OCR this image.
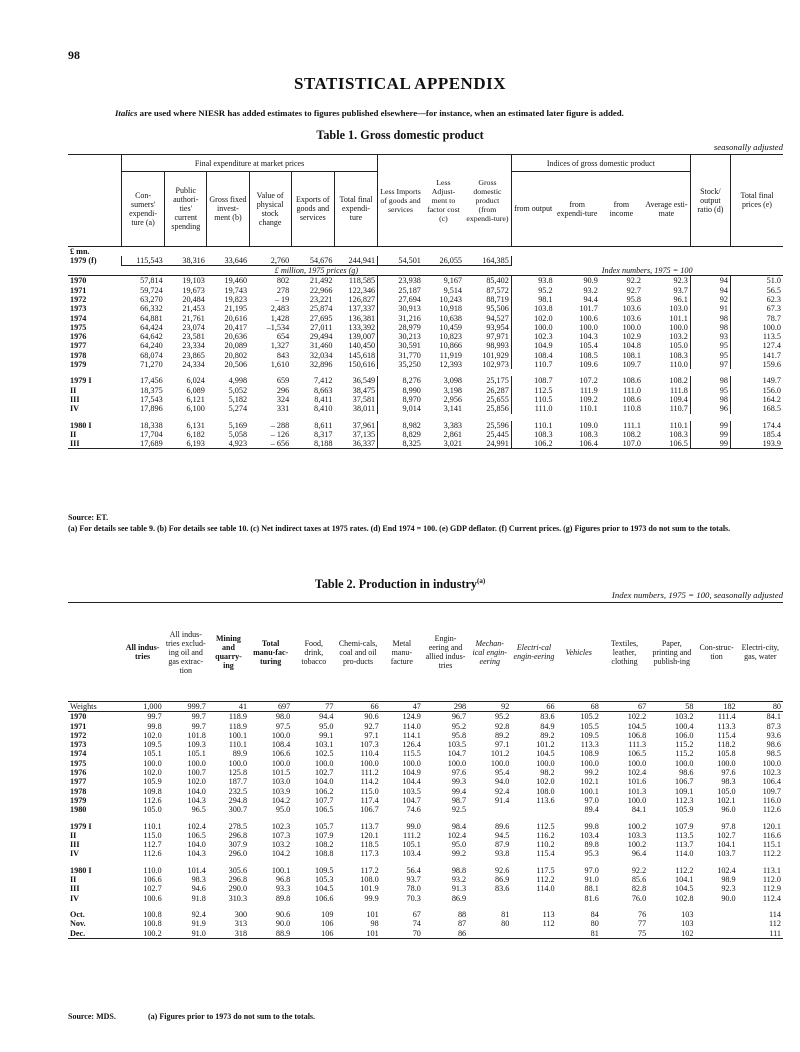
98
STATISTICAL APPENDIX
Italics are used where NIESR has added estimates to figures published elsewhere—for instance, when an estimated later figure is added.
Table 1. Gross domestic product
seasonally adjusted
	Final expenditure at market prices						Less Imports of goods and services	Less Adjust-ment to factor cost (c)	Gross domestic product (from expendi-ture)	Indices of gross domestic product				Stock/ output ratio (d)	Total final prices (e)
	Con-sumers' expendi-ture (a)	Public authori-ties' current spending	Gross fixed invest-ment (b)	Value of physical stock change	Exports of goods and services	Total final expendi-ture				from output	from expendi-ture	from income	Average esti-mate		
£ mn.															
1979 (f)	115,543	38,316	33,646	2,760	54,676	244,941	54,501	26,055	164,385						
	£ million, 1975 prices (g)									Index numbers, 1975 = 100					
1970	57,814	19,103	19,460	802	21,492	118,585	23,938	9,167	85,402	93.8	90.9	92.2	92.3	94	51.0
1971	59,724	19,673	19,743	278	22,966	122,346	25,187	9,514	87,572	95.2	93.2	92.7	93.7	94	56.5
1972	63,270	20,484	19,823	– 19	23,221	126,827	27,694	10,243	88,719	98.1	94.4	95.8	96.1	92	62.3
1973	66,332	21,453	21,195	2,483	25,874	137,337	30,913	10,918	95,506	103.8	101.7	103.6	103.0	91	67.3
1974	64,881	21,761	20,616	1,428	27,695	136,381	31,216	10,638	94,527	102.0	100.6	103.6	101.1	98	78.7
1975	64,424	23,074	20,417	–1,534	27,011	133,392	28,979	10,459	93,954	100.0	100.0	100.0	100.0	98	100.0
1976	64,642	23,581	20,636	654	29,494	139,007	30,213	10,823	97,971	102.3	104.3	102.9	103.2	93	113.5
1977	64,240	23,334	20,089	1,327	31,460	140,450	30,591	10,866	98,993	104.9	105.4	104.8	105.0	95	127.4
1978	68,074	23,865	20,802	843	32,034	145,618	31,770	11,919	101,929	108.4	108.5	108.1	108.3	95	141.7
1979	71,270	24,334	20,506	1,610	32,896	150,616	35,250	12,393	102,973	110.7	109.6	109.7	110.0	97	159.6

1979 I	17,456	6,024	4,998	659	7,412	36,549	8,276	3,098	25,175	108.7	107.2	108.6	108.2	98	149.7
II	18,375	6,089	5,052	296	8,663	38,475	8,990	3,198	26,287	112.5	111.9	111.0	111.8	95	156.0
III	17,543	6,121	5,182	324	8,411	37,581	8,970	2,956	25,655	110.5	109.2	108.6	109.4	98	164.2
IV	17,896	6,100	5,274	331	8,410	38,011	9,014	3,141	25,856	111.0	110.1	110.8	110.7	96	168.5

1980 I	18,338	6,131	5,169	– 288	8,611	37,961	8,982	3,383	25,596	110.1	109.0	111.1	110.1	99	174.4
II	17,704	6,182	5,058	– 126	8,317	37,135	8,829	2,861	25,445	108.3	108.3	108.2	108.3	99	185.4
III	17,689	6,193	4,923	– 656	8,188	36,337	8,325	3,021	24,991	106.2	106.4	107.0	106.5	99	193.9
Source: ET.
(a) For details see table 9. (b) For details see table 10. (c) Net indirect taxes at 1975 rates. (d) End 1974 = 100. (e) GDP deflator. (f) Current prices. (g) Figures prior to 1973 do not sum to the totals.
Table 2. Production in industry$^{(a)}$
Index numbers, 1975 = 100, seasonally adjusted
	All indus-tries	All indus-tries exclud-ing oil and gas extrac-tion	Mining and quarry-ing	Total manu-fac-turing	Food, drink, tobacco	Chemi-cals, coal and oil pro-ducts	Metal manu-facture	Engin-eering and allied indus-tries	Mechan-ical engin-eering	Electri-cal engin-eering	Vehicles	Textiles, leather, clothing	Paper, printing and publish-ing	Con-struc-tion	Electri-city, gas, water
Weights	1,000	999.7	41	697	77	66	47	298	92	66	68	67	58	182	80
1970	99.7	99.7	118.9	98.0	94.4	90.6	124.9	96.7	95.2	83.6	105.2	102.2	103.2	111.4	84.1
1971	99.8	99.7	118.9	97.5	95.0	92.7	114.0	95.2	92.8	84.9	105.5	104.5	100.4	113.3	87.3
1972	102.0	101.8	100.1	100.0	99.1	97.1	114.1	95.8	89.2	89.2	109.5	106.8	106.0	115.4	93.6
1973	109.5	109.3	110.1	108.4	103.1	107.3	126.4	103.5	97.1	101.2	113.3	111.3	115.2	118.2	98.6
1974	105.1	105.1	89.9	106.6	102.5	110.4	115.5	104.7	101.2	104.5	108.9	106.5	115.2	105.8	98.5
1975	100.0	100.0	100.0	100.0	100.0	100.0	100.0	100.0	100.0	100.0	100.0	100.0	100.0	100.0	100.0
1976	102.0	100.7	125.8	101.5	102.7	111.2	104.9	97.6	95.4	98.2	99.2	102.4	98.6	97.6	102.3
1977	105.9	102.0	187.7	103.0	104.0	114.2	104.4	99.3	94.0	102.0	102.1	101.6	106.7	98.3	106.4
1978	109.8	104.0	232.5	103.9	106.2	115.0	103.5	99.4	92.4	108.0	100.1	101.3	109.1	105.0	109.7
1979	112.6	104.3	294.8	104.2	107.7	117.4	104.7	98.7	91.4	113.6	97.0	100.0	112.3	102.1	116.0
1980	105.0	96.5	300.7	95.0	106.5	106.7	74.6	92.5			89.4	84.1	105.9	96.0	112.6

1979 I	110.1	102.4	278.5	102.3	105.7	113.7	99.0	98.4	89.6	112.5	99.8	100.2	107.9	97.8	120.1
II	115.0	106.5	296.8	107.3	107.9	120.1	111.2	102.4	94.5	116.2	103.4	103.3	113.5	102.7	116.6
III	112.7	104.0	307.9	103.2	108.2	118.5	105.1	95.0	87.9	110.2	89.8	100.2	113.7	104.1	115.1
IV	112.6	104.3	296.0	104.2	108.8	117.3	103.4	99.2	93.8	115.4	95.3	96.4	114.0	103.7	112.2

1980 I	110.0	101.4	305.6	100.1	109.5	117.2	56.4	98.8	92.6	117.5	97.0	92.2	112.2	102.4	113.1
II	106.6	98.3	296.8	96.8	105.3	108.0	93.7	93.2	86.9	112.2	91.0	85.6	104.1	98.9	112.0
III	102.7	94.6	290.0	93.3	104.5	101.9	78.0	91.3	83.6	114.0	88.1	82.8	104.5	92.3	112.9
IV	100.6	91.8	310.3	89.8	106.6	99.9	70.3	86.9			81.6	76.0	102.8	90.0	112.4

Oct.	100.8	92.4	300	90.6	109	101	67	88	81	113	84	76	103		114
Nov.	100.8	91.9	313	90.0	106	98	74	87	80	112	80	77	103		112
Dec.	100.2	91.0	318	88.9	106	101	70	86			81	75	102		111
Source: MDS.	(a) Figures prior to 1973 do not sum to the totals.
